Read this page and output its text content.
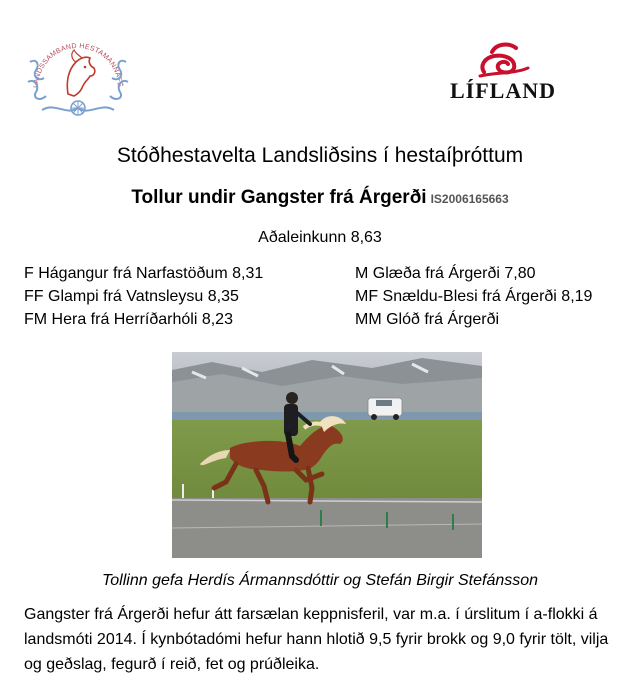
LANDSSAMBAND HESTAMANNAFÉ	LÍFLAND
Stóðhestavelta Landsliðsins í hestaíþróttum
Tollur undir Gangster frá Árgerði IS2006165663
Aðaleinkunn 8,63
F Hágangur frá Narfastöðum 8,31
FF Glampi frá Vatnsleysu 8,35
FM Hera frá Herríðarhóli 8,23
M Glæða frá Árgerði 7,80
MF Snældu-Blesi frá Árgerði 8,19
MM Glóð frá Árgerði
Tollinn gefa Herdís Ármannsdóttir og Stefán Birgir Stefánsson
Gangster frá Árgerði hefur átt farsælan keppnisferil, var m.a. í úrslitum í a-flokki á landsmóti 2014. Í kynbótadómi hefur hann hlotið 9,5 fyrir brokk og 9,0 fyrir tölt, vilja og geðslag, fegurð í reið, fet og prúðleika.
